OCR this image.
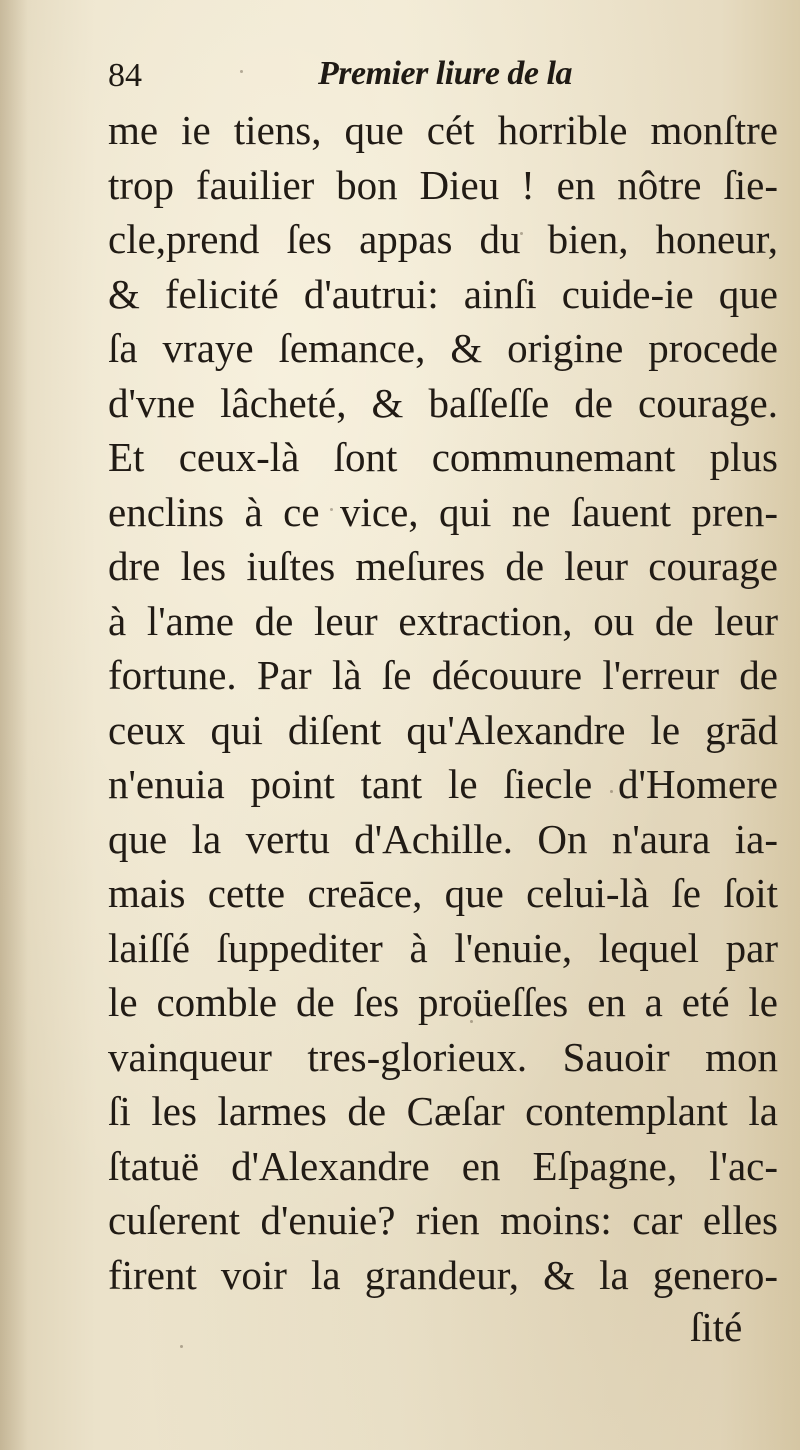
84	Premier liure de la
me ie tiens, que cét horrible monſtre
trop fauilier bon Dieu ! en nôtre ſie-
cle,prend ſes appas du bien, honeur,
& felicité d'autrui: ainſi cuide-ie que
ſa vraye ſemance, & origine procede
d'vne lâcheté, & baſſeſſe de courage.
Et ceux-là ſont communemant plus
enclins à ce vice, qui ne ſauent pren-
dre les iuſtes meſures de leur courage
à l'ame de leur extraction, ou de leur
fortune. Par là ſe découure l'erreur de
ceux qui diſent qu'Alexandre le grād
n'enuia point tant le ſiecle d'Homere
que la vertu d'Achille. On n'aura ia-
mais cette creāce, que celui-là ſe ſoit
laiſſé ſuppediter à l'enuie, lequel par
le comble de ſes proüeſſes en a eté le
vainqueur tres-glorieux. Sauoir mon
ſi les larmes de Cæſar contemplant la
ſtatuë d'Alexandre en Eſpagne, l'ac-
cuſerent d'enuie? rien moins: car elles
firent voir la grandeur, & la genero-
ſité
